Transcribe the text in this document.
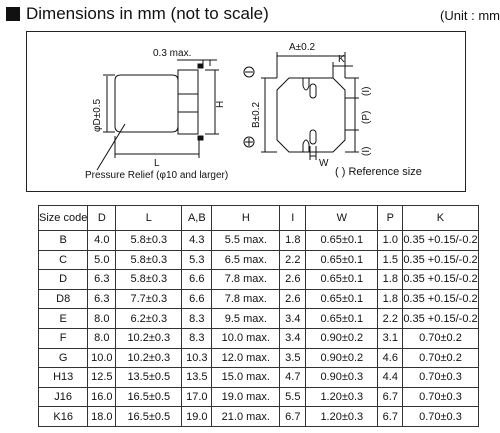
Dimensions in mm (not to scale)	(Unit : mm
0.3 max.
φD±0.5
L
H
A±0.2
B±0.2
K
(I)
(P)
(I)
W
Pressure Relief (φ10 and larger)	( ) Reference size
Size code	D	L	A,B	H	I	W	P	K
B	4.0	5.8±0.3	4.3	5.5 max.	1.8	0.65±0.1	1.0	0.35 +0.15/-0.2
C	5.0	5.8±0.3	5.3	6.5 max.	2.2	0.65±0.1	1.5	0.35 +0.15/-0.2
D	6.3	5.8±0.3	6.6	7.8 max.	2.6	0.65±0.1	1.8	0.35 +0.15/-0.2
D8	6.3	7.7±0.3	6.6	7.8 max.	2.6	0.65±0.1	1.8	0.35 +0.15/-0.2
E	8.0	6.2±0.3	8.3	9.5 max.	3.4	0.65±0.1	2.2	0.35 +0.15/-0.2
F	8.0	10.2±0.3	8.3	10.0 max.	3.4	0.90±0.2	3.1	0.70±0.2
G	10.0	10.2±0.3	10.3	12.0 max.	3.5	0.90±0.2	4.6	0.70±0.2
H13	12.5	13.5±0.5	13.5	15.0 max.	4.7	0.90±0.3	4.4	0.70±0.3
J16	16.0	16.5±0.5	17.0	19.0 max.	5.5	1.20±0.3	6.7	0.70±0.3
K16	18.0	16.5±0.5	19.0	21.0 max.	6.7	1.20±0.3	6.7	0.70±0.3
